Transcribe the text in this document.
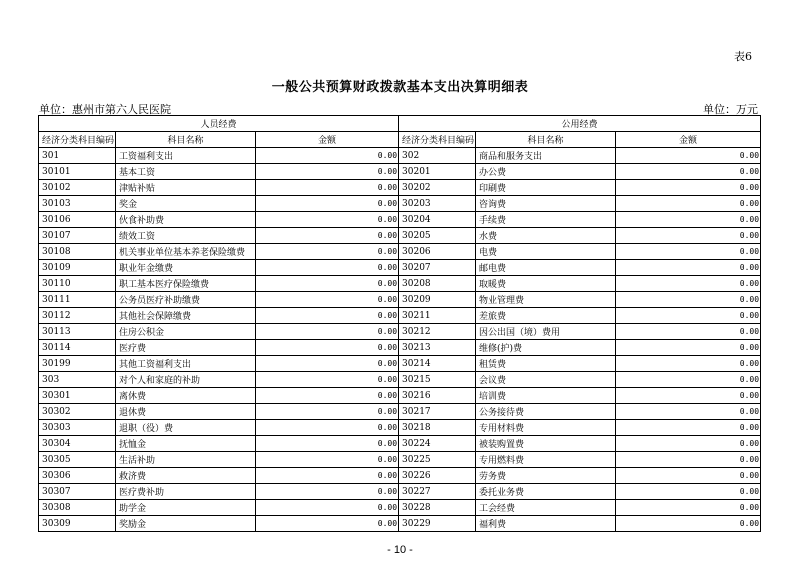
表6
一般公共预算财政拨款基本支出决算明细表
单位：惠州市第六人民医院	单位：万元
人员经费			公用经费		
经济分类科目编码	科目名称	金额	经济分类科目编码	科目名称	金额
301	工资福利支出	0.00	302	商品和服务支出	0.00
30101	基本工资	0.00	30201	办公费	0.00
30102	津贴补贴	0.00	30202	印刷费	0.00
30103	奖金	0.00	30203	咨询费	0.00
30106	伙食补助费	0.00	30204	手续费	0.00
30107	绩效工资	0.00	30205	水费	0.00
30108	机关事业单位基本养老保险缴费	0.00	30206	电费	0.00
30109	职业年金缴费	0.00	30207	邮电费	0.00
30110	职工基本医疗保险缴费	0.00	30208	取暖费	0.00
30111	公务员医疗补助缴费	0.00	30209	物业管理费	0.00
30112	其他社会保障缴费	0.00	30211	差旅费	0.00
30113	住房公积金	0.00	30212	因公出国（境）费用	0.00
30114	医疗费	0.00	30213	维修(护)费	0.00
30199	其他工资福利支出	0.00	30214	租赁费	0.00
303	对个人和家庭的补助	0.00	30215	会议费	0.00
30301	离休费	0.00	30216	培训费	0.00
30302	退休费	0.00	30217	公务接待费	0.00
30303	退职（役）费	0.00	30218	专用材料费	0.00
30304	抚恤金	0.00	30224	被装购置费	0.00
30305	生活补助	0.00	30225	专用燃料费	0.00
30306	救济费	0.00	30226	劳务费	0.00
30307	医疗费补助	0.00	30227	委托业务费	0.00
30308	助学金	0.00	30228	工会经费	0.00
30309	奖励金	0.00	30229	福利费	0.00
- 10 -
